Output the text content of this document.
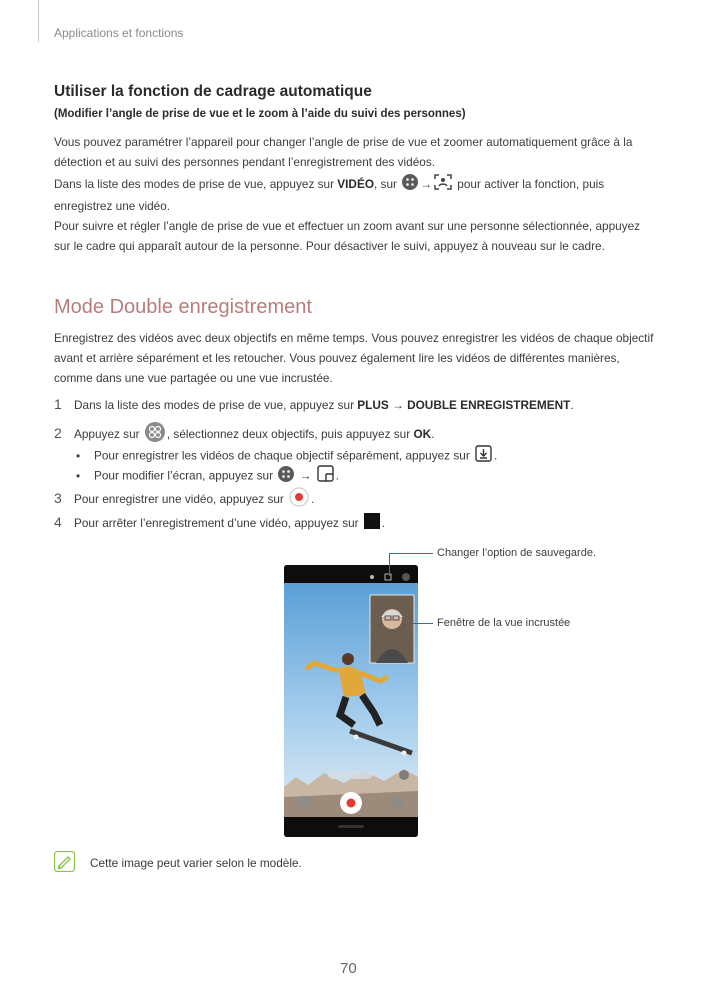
Applications et fonctions
Utiliser la fonction de cadrage automatique
(Modifier l’angle de prise de vue et le zoom à l’aide du suivi des personnes)

Vous pouvez paramétrer l’appareil pour changer l’angle de prise de vue et zoomer automatiquement grâce à la détection et au suivi des personnes pendant l’enregistrement des vidéos.

Dans la liste des modes de prise de vue, appuyez sur VIDÉO, sur → pour activer la fonction, puis enregistrez une vidéo.

Pour suivre et régler l’angle de prise de vue et effectuer un zoom avant sur une personne sélectionnée, appuyez sur le cadre qui apparaît autour de la personne. Pour désactiver le suivi, appuyez à nouveau sur le cadre.

Mode Double enregistrement

Enregistrez des vidéos avec deux objectifs en même temps. Vous pouvez enregistrer les vidéos de chaque objectif avant et arrière séparément et les retoucher. Vous pouvez également lire les vidéos de différentes manières, comme dans une vue partagée ou une vue incrustée.

1 Dans la liste des modes de prise de vue, appuyez sur PLUS → DOUBLE ENREGISTREMENT.
2 Appuyez sur , sélectionnez deux objectifs, puis appuyez sur OK.
• Pour enregistrer les vidéos de chaque objectif séparément, appuyez sur .
• Pour modifier l’écran, appuyez sur  → .
3 Pour enregistrer une vidéo, appuyez sur .
4 Pour arrêter l’enregistrement d’une vidéo, appuyez sur .
Changer l’option de sauvegarde.
Fenêtre de la vue incrustée
Cette image peut varier selon le modèle.
70
